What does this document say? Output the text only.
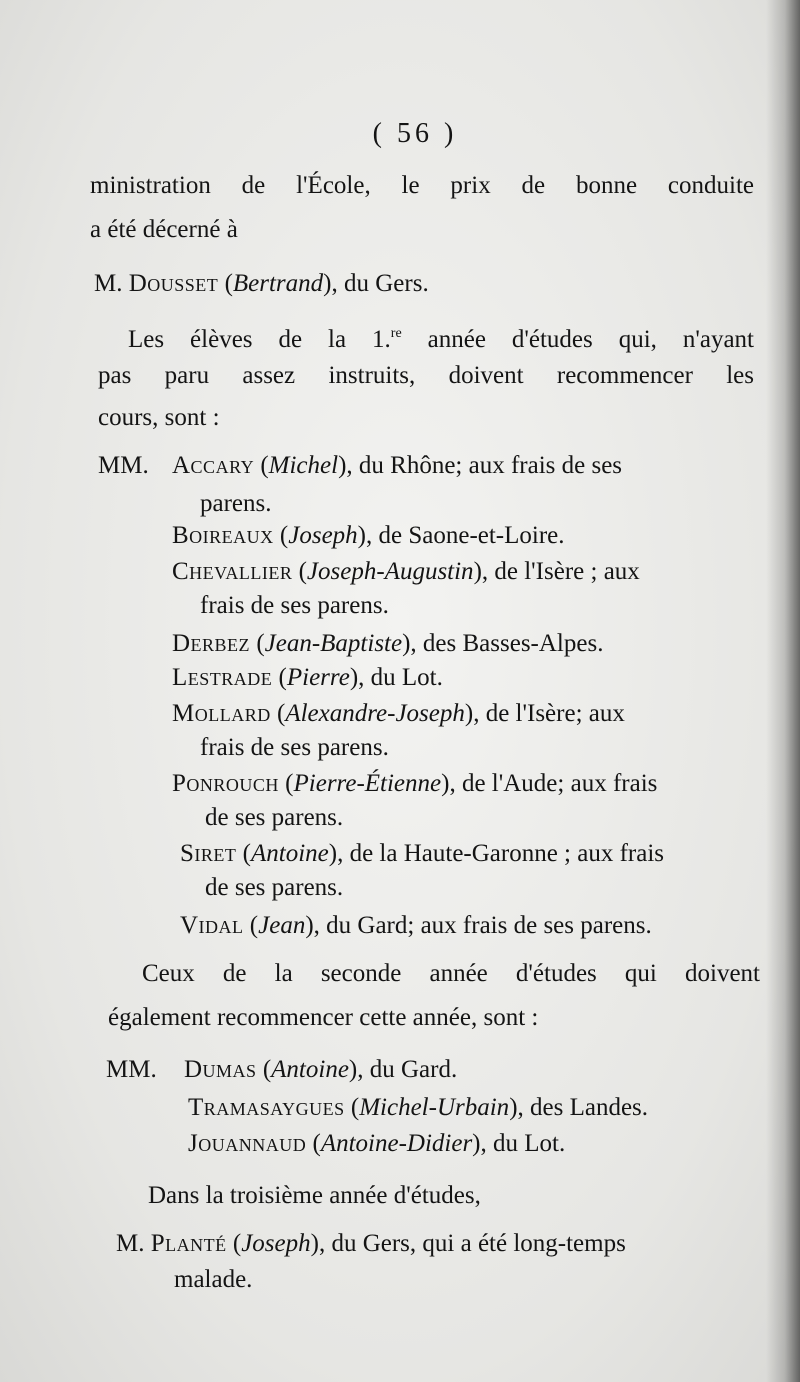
( 56 )
ministration de l'École, le prix de bonne conduite
a été décerné à
M. Dousset (Bertrand), du Gers.
Les élèves de la 1.$^{re}$ année d'études qui, n'ayant
pas paru assez instruits, doivent recommencer les
cours, sont :
MM. Accary (Michel), du Rhône; aux frais de ses
parens.
Boireaux (Joseph), de Saone-et-Loire.
Chevallier (Joseph-Augustin), de l'Isère ; aux
frais de ses parens.
Derbez (Jean-Baptiste), des Basses-Alpes.
Lestrade (Pierre), du Lot.
Mollard (Alexandre-Joseph), de l'Isère; aux
frais de ses parens.
Ponrouch (Pierre-Étienne), de l'Aude; aux frais
de ses parens.
Siret (Antoine), de la Haute-Garonne ; aux frais
de ses parens.
Vidal (Jean), du Gard; aux frais de ses parens.
Ceux de la seconde année d'études qui doivent
également recommencer cette année, sont :
MM. Dumas (Antoine), du Gard.
Tramasaygues (Michel-Urbain), des Landes.
Jouannaud (Antoine-Didier), du Lot.
Dans la troisième année d'études,
M. Planté (Joseph), du Gers, qui a été long-temps
malade.
